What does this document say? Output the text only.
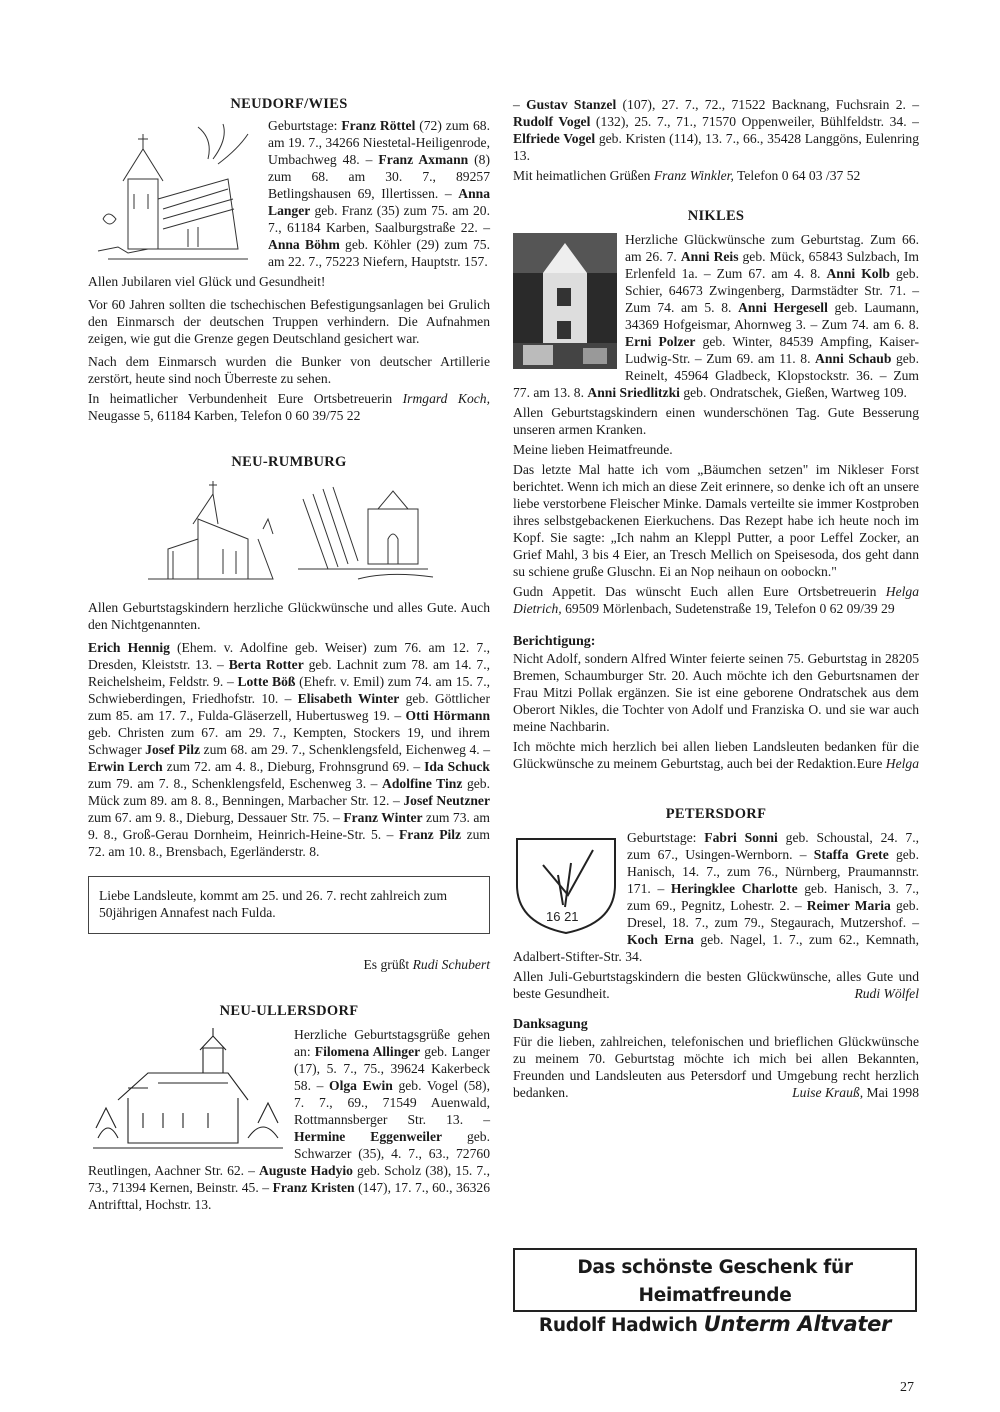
NEUDORF/WIES

Geburtstage: Franz Röttel (72) zum 68. am 19. 7., 34266 Niestetal-Heiligenrode, Umbachweg 48. – Franz Axmann (8) zum 68. am 30. 7., 89257 Betlingshausen 69, Illertissen. – Anna Langer geb. Franz (35) zum 75. am 20. 7., 61184 Karben, Saalburgstraße 22. – Anna Böhm geb. Köhler (29) zum 75. am 22. 7., 75223 Niefern, Hauptstr. 157.

Allen Jubilaren viel Glück und Gesundheit!

Vor 60 Jahren sollten die tschechischen Befestigungsanlagen bei Grulich den Einmarsch der deutschen Truppen verhindern. Die Aufnahmen zeigen, wie gut die Grenze gegen Deutschland gesichert war.

Nach dem Einmarsch wurden die Bunker von deutscher Artillerie zerstört, heute sind noch Überreste zu sehen.

In heimatlicher Verbundenheit Eure Ortsbetreuerin Irmgard Koch, Neugasse 5, 61184 Karben, Telefon 0 60 39/75 22

NEU-RUMBURG

Allen Geburtstagskindern herzliche Glückwünsche und alles Gute. Auch den Nichtgenannten.

Erich Hennig (Ehem. v. Adolfine geb. Weiser) zum 76. am 12. 7., Dresden, Kleiststr. 13. – Berta Rotter geb. Lachnit zum 78. am 14. 7., Reichelsheim, Feldstr. 9. – Lotte Böß (Ehefr. v. Emil) zum 74. am 15. 7., Schwieberdingen, Friedhofstr. 10. – Elisabeth Winter geb. Göttlicher zum 85. am 17. 7., Fulda-Gläserzell, Hubertusweg 19. – Otti Hörmann geb. Christen zum 67. am 29. 7., Kempten, Stockers 19, und ihrem Schwager Josef Pilz zum 68. am 29. 7., Schenklengsfeld, Eichenweg 4. – Erwin Lerch zum 72. am 4. 8., Dieburg, Frohnsgrund 69. – Ida Schuck zum 79. am 7. 8., Schenklengsfeld, Eschenweg 3. – Adolfine Tinz geb. Mück zum 89. am 8. 8., Benningen, Marbacher Str. 12. – Josef Neutzner zum 67. am 9. 8., Dieburg, Dessauer Str. 75. – Franz Winter zum 73. am 9. 8., Groß-Gerau Dornheim, Heinrich-Heine-Str. 5. – Franz Pilz zum 72. am 10. 8., Brensbach, Egerländerstr. 8.

Liebe Landsleute, kommt am 25. und 26. 7. recht zahlreich zum 50jährigen Annafest nach Fulda.

Es grüßt Rudi Schubert

NEU-ULLERSDORF

Herzliche Geburtstagsgrüße gehen an: Filomena Allinger geb. Langer (17), 5. 7., 75., 39624 Kakerbeck 58. – Olga Ewin geb. Vogel (58), 7. 7., 69., 71549 Auenwald, Rottmannsberger Str. 13. – Hermine Eggenweiler geb. Schwarzer (35), 4. 7., 63., 72760 Reutlingen, Aachner Str. 62. – Auguste Hadyio geb. Scholz (38), 15. 7., 73., 71394 Kernen, Beinstr. 45. – Franz Kristen (147), 17. 7., 60., 36326 Antrifttal, Hochstr. 13.

– Gustav Stanzel (107), 27. 7., 72., 71522 Backnang, Fuchsrain 2. – Rudolf Vogel (132), 25. 7., 71., 71570 Oppenweiler, Bühlfeldstr. 34. – Elfriede Vogel geb. Kristen (114), 13. 7., 66., 35428 Langgöns, Eulenring 13.

Mit heimatlichen Grüßen Franz Winkler, Telefon 0 64 03 /37 52

NIKLES

Herzliche Glückwünsche zum Geburtstag. Zum 66. am 26. 7. Anni Reis geb. Mück, 65843 Sulzbach, Im Erlenfeld 1a. – Zum 67. am 4. 8. Anni Kolb geb. Schier, 64673 Zwingenberg, Darmstädter Str. 71. – Zum 74. am 5. 8. Anni Hergesell geb. Laumann, 34369 Hofgeismar, Ahornweg 3. – Zum 74. am 6. 8. Erni Polzer geb. Winter, 84539 Ampfing, Kaiser-Ludwig-Str. – Zum 69. am 11. 8. Anni Schaub geb. Reinelt, 45964 Gladbeck, Klopstockstr. 36. – Zum 77. am 13. 8. Anni Sriedlitzki geb. Ondratschek, Gießen, Wartweg 109.

Allen Geburtstagskindern einen wunderschönen Tag. Gute Besserung unseren armen Kranken.

Meine lieben Heimatfreunde.

Das letzte Mal hatte ich vom „Bäumchen setzen" im Nikleser Forst berichtet. Wenn ich mich an diese Zeit erinnere, so denke ich oft an unsere liebe verstorbene Fleischer Minke. Damals verteilte sie immer Kostproben ihres selbstgebackenen Eierkuchens. Das Rezept habe ich heute noch im Kopf. Sie sagte: „Ich nahm an Kleppl Putter, a poor Leffel Zocker, an Grief Mahl, 3 bis 4 Eier, an Tresch Mellich on Speisesoda, dos geht dann su schiene gruße Gluschn. Ei an Nop neihaun on oobockn."

Gudn Appetit. Das wünscht Euch allen Eure Ortsbetreuerin Helga Dietrich, 69509 Mörlenbach, Sudetenstraße 19, Telefon 0 62 09/39 29

Berichtigung:

Nicht Adolf, sondern Alfred Winter feierte seinen 75. Geburtstag in 28205 Bremen, Schaumburger Str. 20. Auch möchte ich den Geburtsnamen der Frau Mitzi Pollak ergänzen. Sie ist eine geborene Ondratschek aus dem Oberort Nikles, die Tochter von Adolf und Franziska O. und sie war auch meine Nachbarin.

Ich möchte mich herzlich bei allen lieben Landsleuten bedanken für die Glückwünsche zu meinem Geburtstag, auch bei der Redaktion. Eure Helga

PETERSDORF
16 21

Geburtstage: Fabri Sonni geb. Schoustal, 24. 7., zum 67., Usingen-Wernborn. – Staffa Grete geb. Hanisch, 14. 7., zum 76., Nürnberg, Praumannstr. 171. – Heringklee Charlotte geb. Hanisch, 3. 7., zum 69., Pegnitz, Lohestr. 2. – Reimer Maria geb. Dresel, 18. 7., zum 79., Stegaurach, Mutzershof. – Koch Erna geb. Nagel, 1. 7., zum 62., Kemnath, Adalbert-Stifter-Str. 34.

Allen Juli-Geburtstagskindern die besten Glückwünsche, alles Gute und beste Gesundheit.	Rudi Wölfel

Danksagung

Für die lieben, zahlreichen, telefonischen und brieflichen Glückwünsche zu meinem 70. Geburtstag möchte ich mich bei allen Bekannten, Freunden und Landsleuten aus Petersdorf und Umgebung recht herzlich bedanken.	Luise Krauß, Mai 1998

Das schönste Geschenk für Heimatfreunde
Rudolf Hadwich Unterm Altvater
27
